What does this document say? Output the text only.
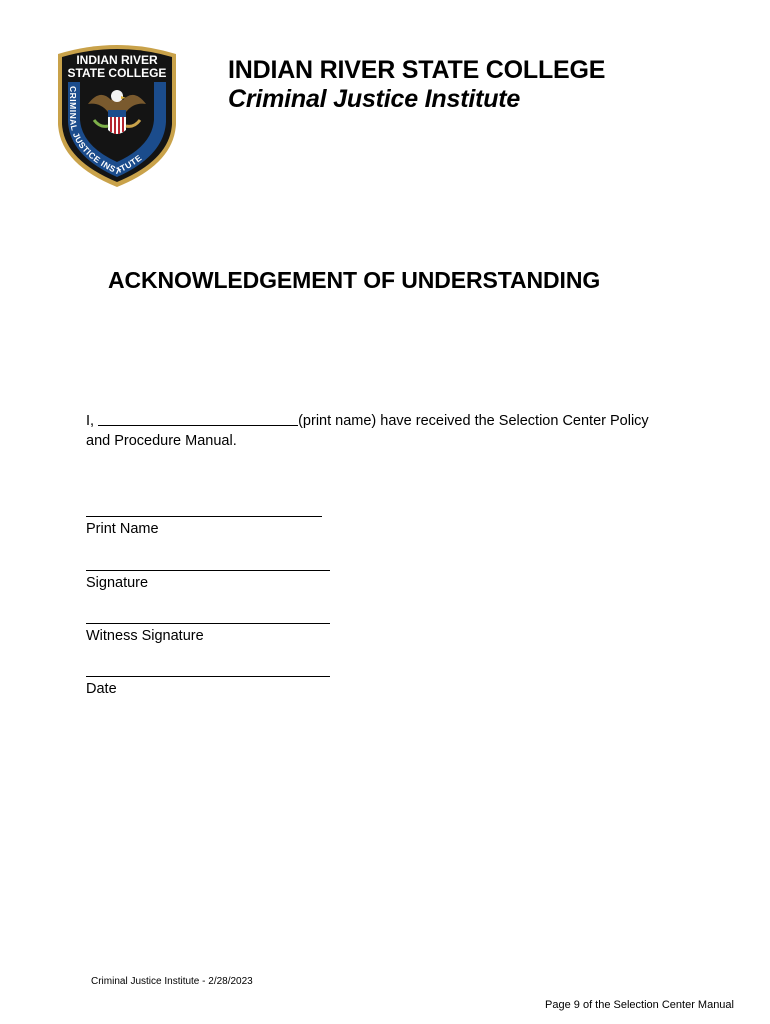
INDIAN RIVER
STATE COLLEGE
CRIMINAL JUSTICE INSTITUTE
INDIAN RIVER STATE COLLEGE
Criminal Justice Institute
ACKNOWLEDGEMENT OF UNDERSTANDING
I,	(print name) have received the Selection Center Policy
and Procedure Manual.
Print Name
Signature
Witness Signature
Date
Criminal Justice Institute - 2/28/2023
Page 9 of the Selection Center Manual
